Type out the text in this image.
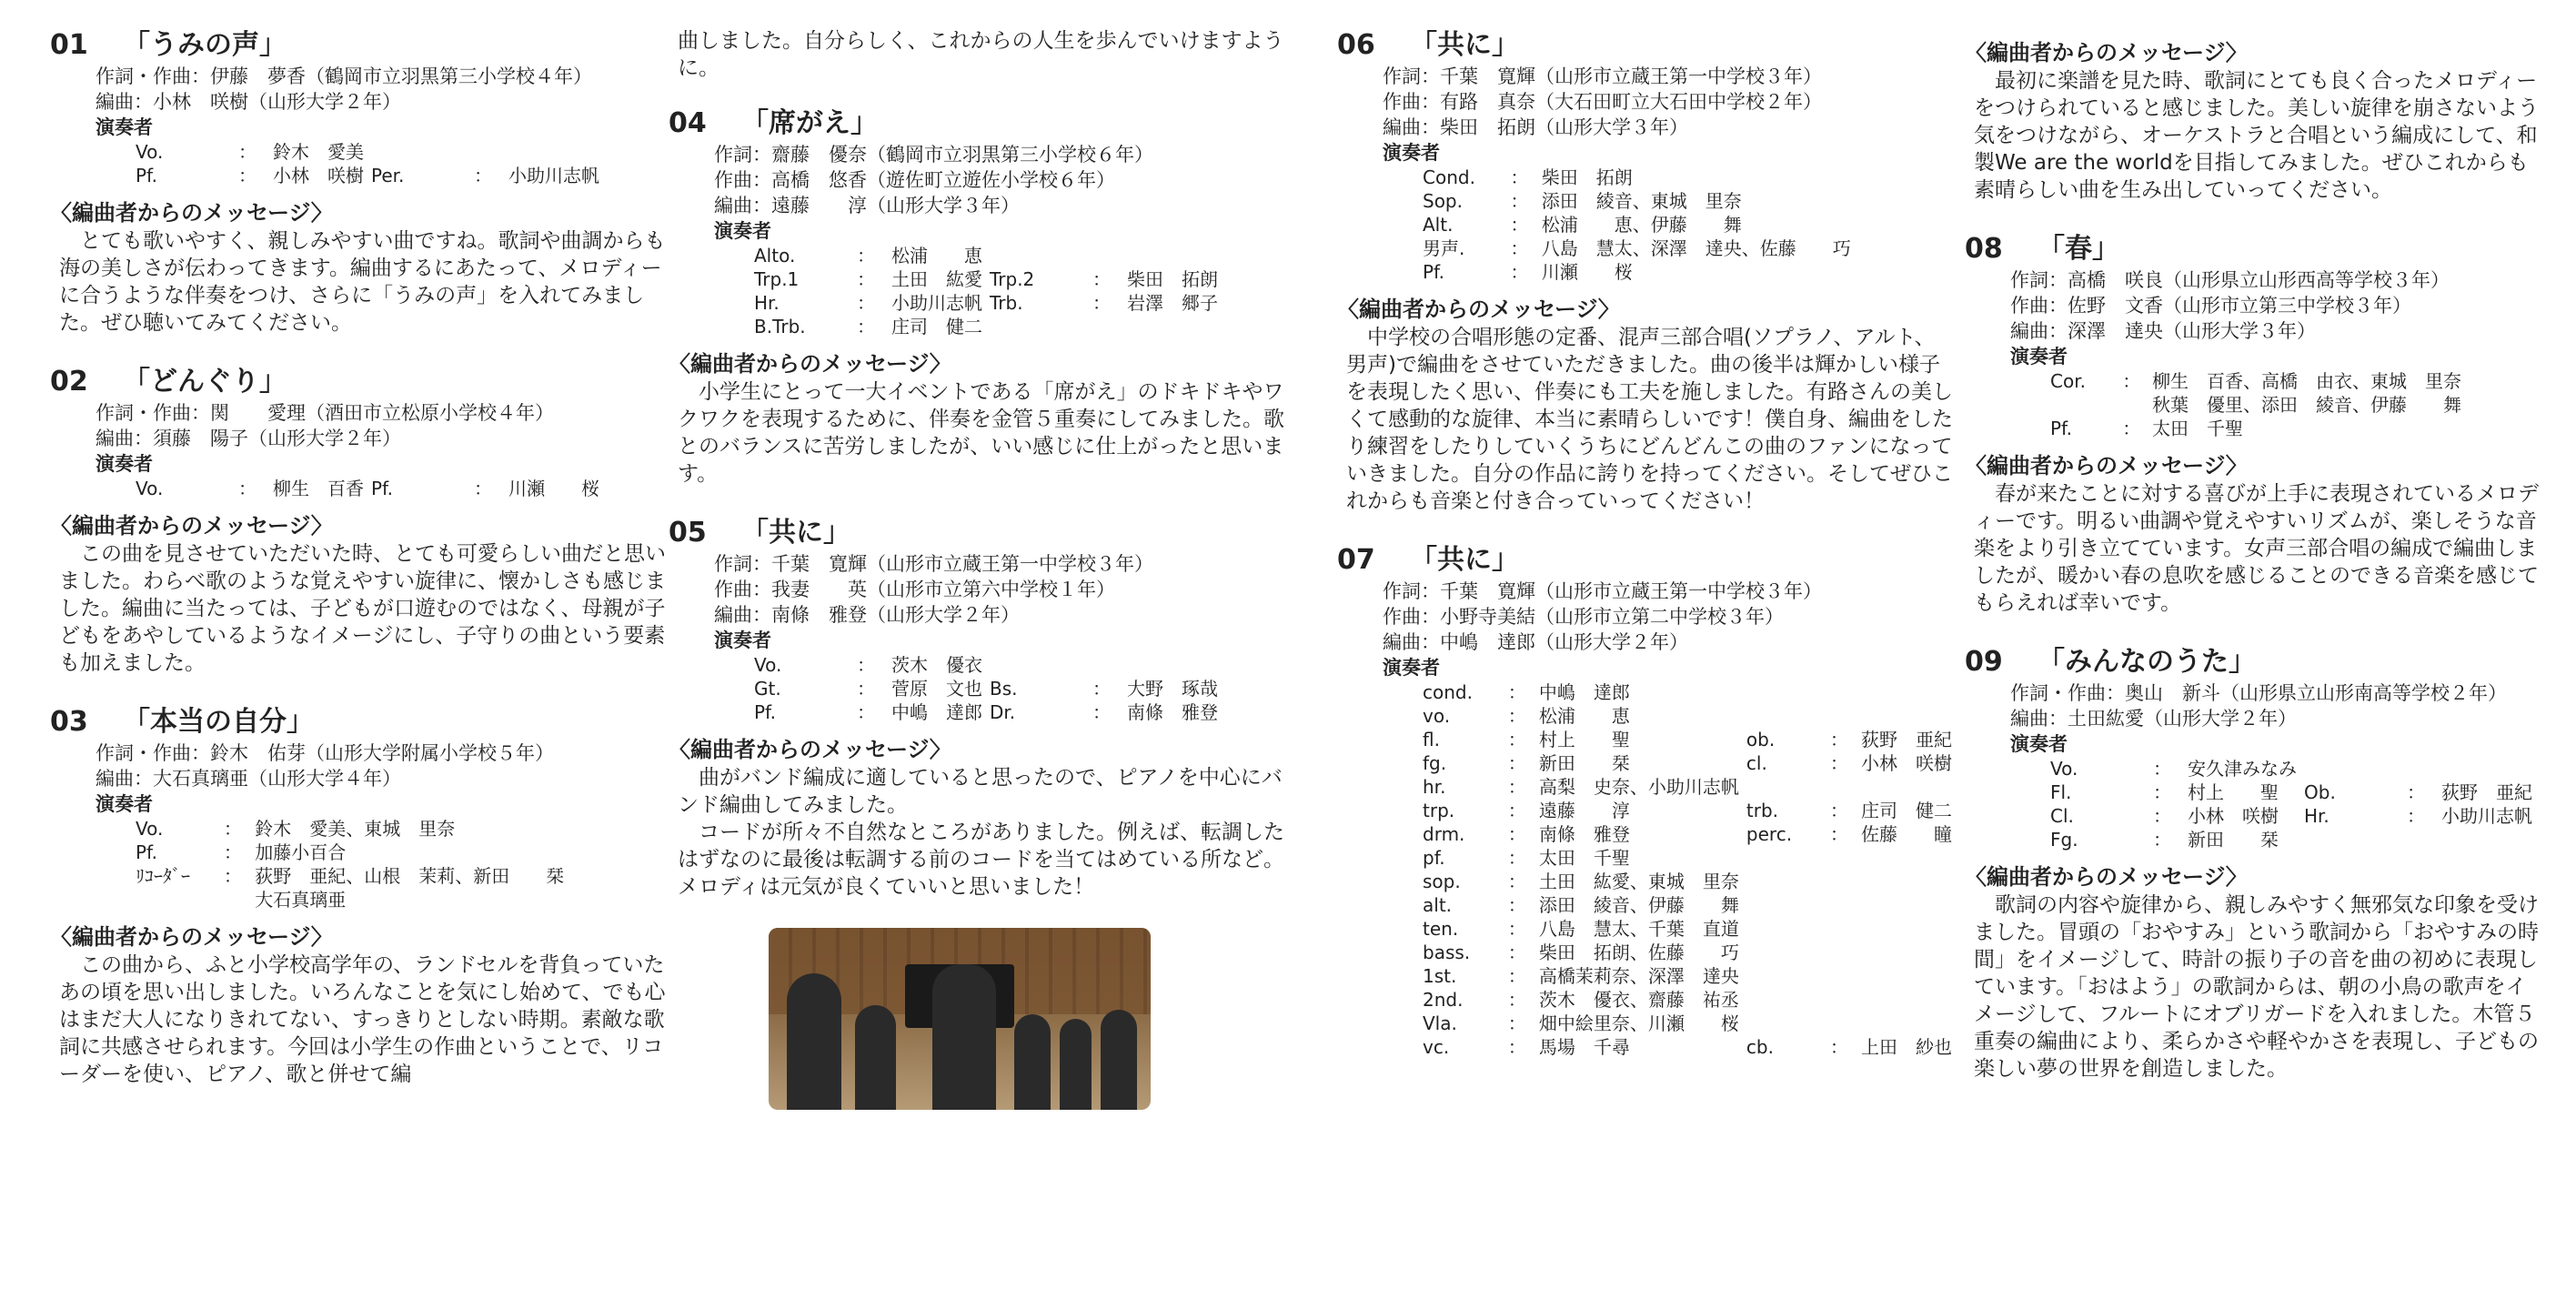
01 「うみの声」
作詞・作曲：伊藤　夢香（鶴岡市立羽黒第三小学校４年）
編曲：小林　咲樹（山形大学２年）
演奏者
Vo.	：	鈴木　愛美			
Pf.	：	小林　咲樹	Per.	：	小助川志帆
〈編曲者からのメッセージ〉
とても歌いやすく、親しみやすい曲ですね。歌詞や曲調からも海の美しさが伝わってきます。編曲するにあたって、メロディーに合うような伴奏をつけ、さらに「うみの声」を入れてみました。ぜひ聴いてみてください。
02 「どんぐり」
作詞・作曲：関　　愛理（酒田市立松原小学校４年）
編曲：須藤　陽子（山形大学２年）
演奏者
Vo.	：	柳生　百香	Pf.	：	川瀬　　桜
〈編曲者からのメッセージ〉
この曲を見させていただいた時、とても可愛らしい曲だと思いました。わらべ歌のような覚えやすい旋律に、懐かしさも感じました。編曲に当たっては、子どもが口遊むのではなく、母親が子どもをあやしているようなイメージにし、子守りの曲という要素も加えました。
03 「本当の自分」
作詞・作曲：鈴木　佑芽（山形大学附属小学校５年）
編曲：大石真璃亜（山形大学４年）
演奏者
Vo.	：	鈴木　愛美、東城　里奈			
Pf.	：	加藤小百合			
ﾘｺｰﾀﾞｰ	：	荻野　亜紀、山根　茉莉、新田　　栞			
		大石真璃亜			
〈編曲者からのメッセージ〉
この曲から、ふと小学校高学年の、ランドセルを背負っていたあの頃を思い出しました。いろんなことを気にし始めて、でも心はまだ大人になりきれてない、すっきりとしない時期。素敵な歌詞に共感させられます。今回は小学生の作曲ということで、リコーダーを使い、ピアノ、歌と併せて編
曲しました。自分らしく、これからの人生を歩んでいけますように。
04 「席がえ」
作詞：齋藤　優奈（鶴岡市立羽黒第三小学校６年）
作曲：高橋　悠香（遊佐町立遊佐小学校６年）
編曲：遠藤　　淳（山形大学３年）
演奏者
Alto.	：	松浦　　恵			
Trp.1	：	土田　紘愛	Trp.2	：	柴田　拓朗
Hr.	：	小助川志帆	Trb.	：	岩澤　郷子
B.Trb.	：	庄司　健二			
〈編曲者からのメッセージ〉
小学生にとって一大イベントである「席がえ」のドキドキやワクワクを表現するために、伴奏を金管５重奏にしてみました。歌とのバランスに苦労しましたが、いい感じに仕上がったと思います。
05 「共に」
作詞：千葉　寛輝（山形市立蔵王第一中学校３年）
作曲：我妻　　英（山形市立第六中学校１年）
編曲：南條　雅登（山形大学２年）
演奏者
Vo.	：	茨木　優衣			
Gt.	：	菅原　文也	Bs.	：	大野　琢哉
Pf.	：	中嶋　達郎	Dr.	：	南條　雅登
〈編曲者からのメッセージ〉
曲がバンド編成に適していると思ったので、ピアノを中心にバンド編曲してみました。
コードが所々不自然なところがありました。例えば、転調したはずなのに最後は転調する前のコードを当てはめている所など。メロディは元気が良くていいと思いました！
06 「共に」
作詞：千葉　寛輝（山形市立蔵王第一中学校３年）
作曲：有路　真奈（大石田町立大石田中学校２年）
編曲：柴田　拓朗（山形大学３年）
演奏者
Cond.	：	柴田　拓朗			
Sop.	：	添田　綾音、東城　里奈			
Alt.	：	松浦　　恵、伊藤　　舞			
男声.	：	八島　慧太、深澤　達央、佐藤　　巧			
Pf.	：	川瀬　　桜			
〈編曲者からのメッセージ〉
中学校の合唱形態の定番、混声三部合唱(ソプラノ、アルト、男声)で編曲をさせていただきました。曲の後半は輝かしい様子を表現したく思い、伴奏にも工夫を施しました。有路さんの美しくて感動的な旋律、本当に素晴らしいです！僕自身、編曲をしたり練習をしたりしていくうちにどんどんこの曲のファンになっていきました。自分の作品に誇りを持ってください。そしてぜひこれからも音楽と付き合っていってください！
07 「共に」
作詞：千葉　寛輝（山形市立蔵王第一中学校３年）
作曲：小野寺美結（山形市立第二中学校３年）
編曲：中嶋　達郎（山形大学２年）
演奏者
cond.	：	中嶋　達郎			
vo.	：	松浦　　恵			
fl.	：	村上　　聖	ob.	：	荻野　亜紀
fg.	：	新田　　栞	cl.	：	小林　咲樹
hr.	：	高梨　史奈、小助川志帆			
trp.	：	遠藤　　淳	trb.	：	庄司　健二
drm.	：	南條　雅登	perc.	：	佐藤　　瞳
pf.	：	太田　千聖			
sop.	：	土田　紘愛、東城　里奈			
alt.	：	添田　綾音、伊藤　　舞			
ten.	：	八島　慧太、千葉　直道			
bass.	：	柴田　拓朗、佐藤　　巧			
1st.	：	高橋茉莉奈、深澤　達央			
2nd.	：	茨木　優衣、齋藤　祐丞			
Vla.	：	畑中絵里奈、川瀬　　桜			
vc.	：	馬場　千尋	cb.	：	上田　紗也
〈編曲者からのメッセージ〉
最初に楽譜を見た時、歌詞にとても良く合ったメロディーをつけられていると感じました。美しい旋律を崩さないよう気をつけながら、オーケストラと合唱という編成にして、和製We are the worldを目指してみました。ぜひこれからも素晴らしい曲を生み出していってください。
08 「春」
作詞：高橋　咲良（山形県立山形西高等学校３年）
作曲：佐野　文香（山形市立第三中学校３年）
編曲：深澤　達央（山形大学３年）
演奏者
Cor.	：	柳生　百香、高橋　由衣、東城　里奈			
		秋葉　優里、添田　綾音、伊藤　　舞			
Pf.	：	太田　千聖			
〈編曲者からのメッセージ〉
春が来たことに対する喜びが上手に表現されているメロディーです。明るい曲調や覚えやすいリズムが、楽しそうな音楽をより引き立てています。女声三部合唱の編成で編曲しましたが、暖かい春の息吹を感じることのできる音楽を感じてもらえれば幸いです。
09 「みんなのうた」
作詞・作曲：奥山　新斗（山形県立山形南高等学校２年）
編曲：土田紘愛（山形大学２年）
演奏者
Vo.	：	安久津みなみ			
Fl.	：	村上　　聖	Ob.	：	荻野　亜紀
Cl.	：	小林　咲樹	Hr.	：	小助川志帆
Fg.	：	新田　　栞			
〈編曲者からのメッセージ〉
歌詞の内容や旋律から、親しみやすく無邪気な印象を受けました。冒頭の「おやすみ」という歌詞から「おやすみの時間」をイメージして、時計の振り子の音を曲の初めに表現しています。「おはよう」の歌詞からは、朝の小鳥の歌声をイメージして、フルートにオブリガードを入れました。木管５重奏の編曲により、柔らかさや軽やかさを表現し、子どもの楽しい夢の世界を創造しました。
